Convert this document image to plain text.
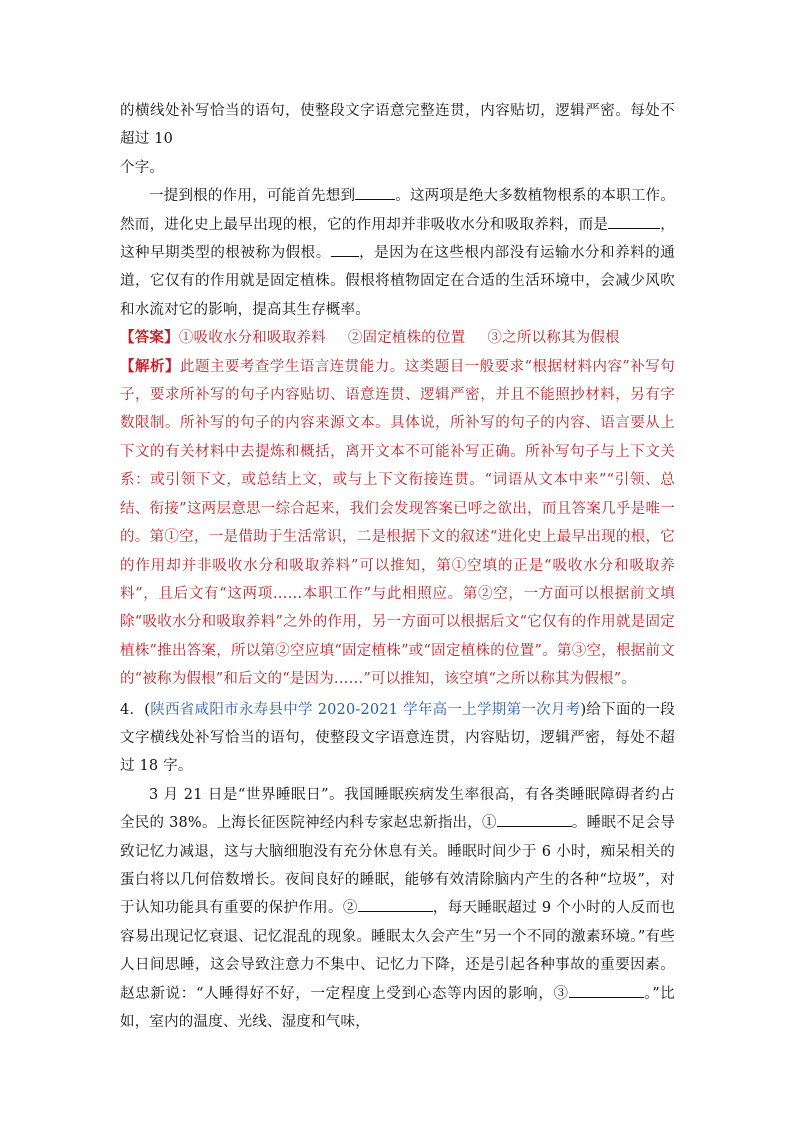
的横线处补写恰当的语句，使整段文字语意完整连贯，内容贴切，逻辑严密。每处不超过 10
个字。

一提到根的作用，可能首先想到	。这两项是绝大多数植物根系的本职工作。然而，进化史上最早出现的根，它的作用却并非吸收水分和吸取养料，而是	，这种早期类型的根被称为假根。 ，是因为在这些根内部没有运输水分和养料的通道，它仅有的作用就是固定植株。假根将植物固定在合适的生活环境中，会减少风吹和水流对它的影响，提高其生存概率。

【答案】①吸收水分和吸取养料 ②固定植株的位置 ③之所以称其为假根

【解析】此题主要考查学生语言连贯能力。这类题目一般要求“根据材料内容”补写句子，要求所补写的句子内容贴切、语意连贯、逻辑严密，并且不能照抄材料，另有字数限制。所补写的句子的内容来源文本。具体说，所补写的句子的内容、语言要从上下文的有关材料中去提炼和概括，离开文本不可能补写正确。所补写句子与上下文关系：或引领下文，或总结上文，或与上下文衔接连贯。“词语从文本中来”“引领、总结、衔接”这两层意思一综合起来，我们会发现答案已呼之欲出，而且答案几乎是唯一的。第①空，一是借助于生活常识，二是根据下文的叙述“进化史上最早出现的根，它的作用却并非吸收水分和吸取养料”可以推知，第①空填的正是“吸收水分和吸取养料”，且后文有“这两项……本职工作”与此相照应。第②空，一方面可以根据前文填除“吸收水分和吸取养料”之外的作用，另一方面可以根据后文“它仅有的作用就是固定植株”推出答案，所以第②空应填“固定植株”或“固定植株的位置”。第③空，根据前文的“被称为假根”和后文的“是因为……”可以推知，该空填“之所以称其为假根”。

4．(陕西省咸阳市永寿县中学 2020-2021 学年高一上学期第一次月考)给下面的一段文字横线处补写恰当的语句，使整段文字语意连贯，内容贴切，逻辑严密，每处不超过 18 字。

3 月 21 日是“世界睡眠日”。我国睡眠疾病发生率很高，有各类睡眠障碍者约占全民的 38%。上海长征医院神经内科专家赵忠新指出，①	。睡眠不足会导致记忆力减退，这与大脑细胞没有充分休息有关。睡眠时间少于 6 小时，痴呆相关的蛋白将以几何倍数增长。夜间良好的睡眠，能够有效清除脑内产生的各种“垃圾”，对于认知功能具有重要的保护作用。②	，每天睡眠超过 9 个小时的人反而也容易出现记忆衰退、记忆混乱的现象。睡眠太久会产生“另一个不同的激素环境。”有些人日间思睡，这会导致注意力不集中、记忆力下降，还是引起各种事故的重要因素。赵忠新说：“人睡得好不好，一定程度上受到心态等内因的影响，③	。”比如，室内的温度、光线、湿度和气味，
